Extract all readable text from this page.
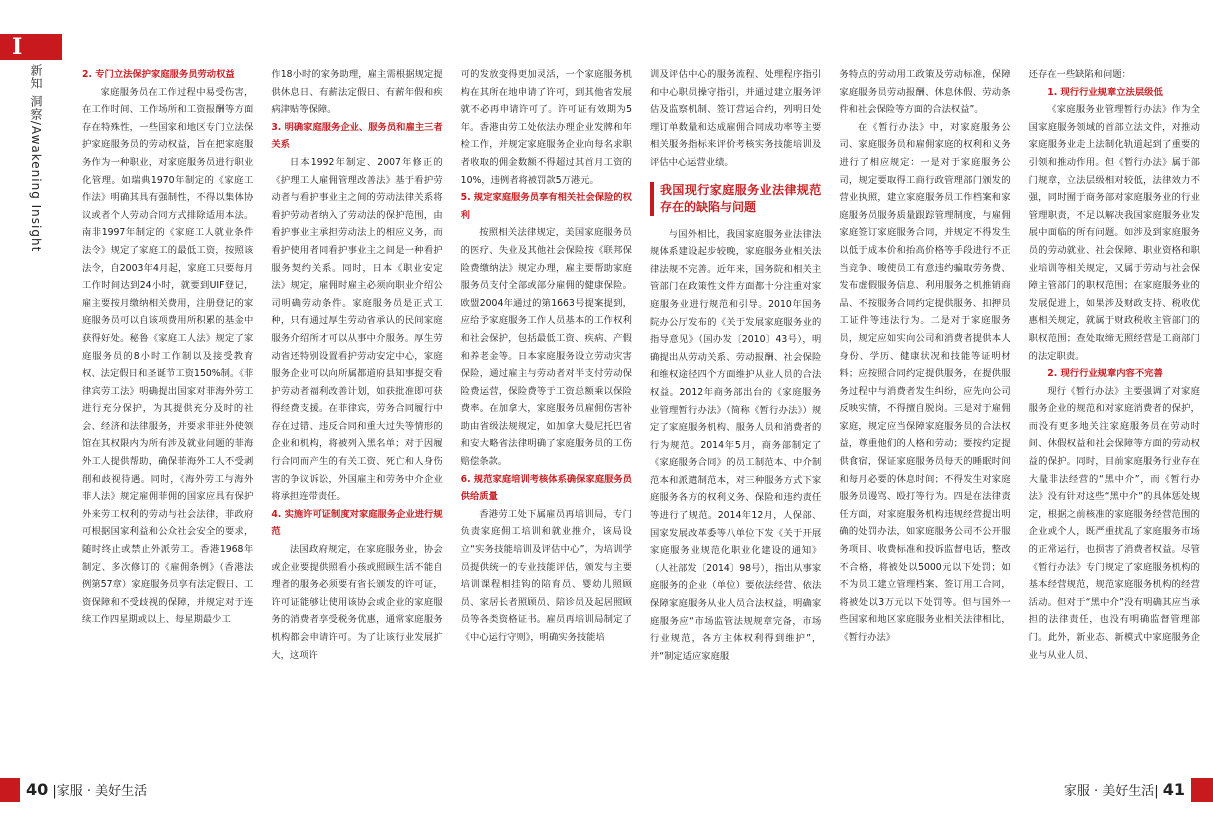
I
新知 洞察/Awakening Insight	2. 专门立法保护家庭服务员劳动权益

家庭服务员在工作过程中易受伤害，在工作时间、工作场所和工资报酬等方面存在特殊性，一些国家和地区专门立法保护家庭服务员的劳动权益，旨在把家庭服务作为一种职业，对家庭服务员进行职业化管理。如瑞典1970年制定的《家庭工作法》明确其具有强制性，不得以集体协议或者个人劳动合同方式排除适用本法。南非1997年制定的《家庭工人就业条件法令》规定了家庭工的最低工资，按照该法令，自2003年4月起，家庭工只要每月工作时间达到24小时，就要到UIF登记，雇主要按月缴纳相关费用，注册登记的家庭服务员可以自该项费用所积累的基金中获得好处。秘鲁《家庭工人法》规定了家庭服务员的8小时工作制以及接受教育权、法定假日和圣诞节工资150%制。《菲律宾劳工法》明确提出国家对菲海外劳工进行充分保护，为其提供充分及时的社会、经济和法律服务，并要求菲驻外使领馆在其权限内为所有涉及就业问题的菲海外工人提供帮助，确保菲海外工人不受剥削和歧视待遇。同时，《海外劳工与海外菲人法》规定雇佣菲佣的国家应具有保护外来劳工权利的劳动与社会法律，菲政府可根据国家利益和公众社会安全的要求，随时终止或禁止外派劳工。香港1968年制定、多次修订的《雇佣条例》（香港法例第57章）家庭服务员享有法定假日、工资保障和不受歧视的保障，并规定对于连续工作四星期或以上、每星期最少工

作18小时的家务助理，雇主需根据规定提供休息日、有薪法定假日、有薪年假和疾病津贴等保障。

3. 明确家庭服务企业、服务员和雇主三者关系

日本1992年制定、2007年修正的《护理工人雇佣管理改善法》基于看护劳动者与看护事业主之间的劳动法律关系将看护劳动者纳入了劳动法的保护范围，由看护事业主承担劳动法上的相应义务，而看护使用者同看护事业主之间是一种看护服务契约关系。同时，日本《职业安定法》规定，雇佣时雇主必须向职业介绍公司明确劳动条件。家庭服务员是正式工种，只有通过厚生劳动省承认的民间家庭服务介绍所才可以从事中介服务。厚生劳动省还特别设置看护劳动安定中心，家庭服务企业可以向所属都道府县知事提交看护劳动者福利改善计划，如获批准即可获得经费支援。在菲律宾，劳务合同履行中存在过错、违反合同和重大过失等情形的企业和机构，将被列入黑名单；对于因履行合同而产生的有关工资、死亡和人身伤害的争议诉讼，外国雇主和劳务中介企业将承担连带责任。

4. 实施许可证制度对家庭服务企业进行规范

法国政府规定，在家庭服务业，协会或企业要提供照看小孩或照顾生活不能自理者的服务必须要有省长颁发的许可证，许可证能够让使用该协会或企业的家庭服务的消费者享受税务优惠，通常家庭服务机构都会申请许可。为了让该行业发展扩大，这项许

可的发放变得更加灵活，一个家庭服务机构在其所在地申请了许可，到其他省发展就不必再申请许可了。许可证有效期为5年。香港由劳工处依法办理企业发牌和年检工作，并规定家庭服务企业向每名求职者收取的佣金数额不得超过其首月工资的10%，违例者将被罚款5万港元。

5. 规定家庭服务员享有相关社会保险的权利

按照相关法律规定，美国家庭服务员的医疗、失业及其他社会保险按《联邦保险费缴纳法》规定办理，雇主要帮助家庭服务员支付全部或部分雇佣的健康保险。欧盟2004年通过的第1663号提案提到，应给予家庭服务工作人员基本的工作权利和社会保护，包括最低工资、疾病、产假和养老金等。日本家庭服务设立劳动灾害保险，通过雇主与劳动者对半支付劳动保险费运营，保险费等于工资总额乘以保险费率。在加拿大，家庭服务员雇佣伤害补助由省级法规规定，如加拿大曼尼托巴省和安大略省法律明确了家庭服务员的工伤赔偿条款。

6. 规范家庭培训考核体系确保家庭服务员供给质量

香港劳工处下属雇员再培训局，专门负责家庭佣工培训和就业推介，该局设立“实务技能培训及评估中心”，为培训学员提供统一的专业技能评估，颁发与主要培训课程相挂钩的陪育员、婴幼儿照顾员、家居长者照顾员、陪诊员及起居照顾员等各类资格证书。雇员再培训局制定了《中心运行守则》，明确实务技能培

训及评估中心的服务流程、处理程序指引和中心职员操守指引，并通过建立服务评估及监察机制、签订营运合约，列明日处理订单数量和达成雇佣合同成功率等主要相关服务指标来评价考核实务技能培训及评估中心运营业绩。

我国现行家庭服务业法律规范存在的缺陷与问题

与国外相比，我国家庭服务业法律法规体系建设起步较晚，家庭服务业相关法律法规不完善。近年来，国务院和相关主管部门在政策性文件方面都十分注重对家庭服务业进行规范和引导。2010年国务院办公厅发布的《关于发展家庭服务业的指导意见》（国办发〔2010〕43号），明确提出从劳动关系、劳动报酬、社会保险和维权途径四个方面维护从业人员的合法权益。2012年商务部出台的《家庭服务业管理暂行办法》（简称《暂行办法》）规定了家庭服务机构、服务人员和消费者的行为规范。2014年5月，商务部制定了《家庭服务合同》的员工制范本、中介制范本和派遣制范本，对三种服务方式下家庭服务各方的权利义务、保险和违约责任等进行了规范。2014年12月，人保部、国家发展改革委等八单位下发《关于开展家庭服务业规范化职业化建设的通知》（人社部发〔2014〕98号），指出从事家庭服务的企业（单位）要依法经营、依法保障家庭服务从业人员合法权益，明确家庭服务应“市场监管法规规章完备，市场行业规范，各方主体权利得到维护”，并“制定适应家庭服

务特点的劳动用工政策及劳动标准，保障家庭服务员劳动报酬、休息休假、劳动条件和社会保险等方面的合法权益”。

在《暂行办法》中，对家庭服务公司、家庭服务员和雇佣家庭的权利和义务进行了相应规定：一是对于家庭服务公司，规定要取得工商行政管理部门颁发的营业执照，建立家庭服务员工作档案和家庭服务员服务质量跟踪管理制度，与雇佣家庭签订家庭服务合同，并规定不得发生以低于成本价和抬高价格等手段进行不正当竞争、唆使员工有意违约骗取劳务费、发布虚假服务信息、利用服务之机推销商品、不按服务合同约定提供服务、扣押员工证件等违法行为。二是对于家庭服务员，规定应如实向公司和消费者提供本人身份、学历、健康状况和技能等证明材料；应按照合同约定提供服务，在提供服务过程中与消费者发生纠纷，应先向公司反映实情，不得擅自脱岗。三是对于雇佣家庭，规定应当保障家庭服务员的合法权益，尊重他们的人格和劳动；要按约定提供食宿，保证家庭服务员每天的睡眠时间和每月必要的休息时间；不得发生对家庭服务员谩骂、殴打等行为。四是在法律责任方面，对家庭服务机构违规经营提出明确的处罚办法，如家庭服务公司不公开服务项目、收费标准和投诉监督电话，整改不合格，将被处以5000元以下处罚；如不为员工建立管理档案、签订用工合同，将被处以3万元以下处罚等。但与国外一些国家和地区家庭服务业相关法律相比，《暂行办法》

还存在一些缺陷和问题：

1. 现行行业规章立法层级低

《家庭服务业管理暂行办法》作为全国家庭服务领域的首部立法文件，对推动家庭服务业走上法制化轨道起到了重要的引领和推动作用。但《暂行办法》属于部门规章，立法层级相对较低，法律效力不强，同时囿于商务部对家庭服务业的行业管理职责，不足以解决我国家庭服务业发展中面临的所有问题。如涉及到家庭服务员的劳动就业、社会保障、职业资格和职业培训等相关规定，又属于劳动与社会保障主管部门的职权范围；在家庭服务业的发展促进上，如果涉及财政支持、税收优惠相关规定，就属于财政税收主管部门的职权范围；查处取缔无照经营是工商部门的法定职责。

2. 现行行业规章内容不完善

现行《暂行办法》主要强调了对家庭服务企业的规范和对家庭消费者的保护，而没有更多地关注家庭服务员在劳动时间、休假权益和社会保障等方面的劳动权益的保护。同时，目前家庭服务行业存在大量非法经营的“黑中介”，而《暂行办法》没有针对这些“黑中介”的具体惩处规定，根据之前核准的家庭服务经营范围的企业或个人，既严重扰乱了家庭服务市场的正常运行，也损害了消费者权益。尽管《暂行办法》专门规定了家庭服务机构的基本经营规范，规范家庭服务机构的经营活动。但对于“黑中介”没有明确其应当承担的法律责任，也没有明确监督管理部门。此外，新业态、新模式中家庭服务企业与从业人员、

40 |家服 · 美好生活	家服 · 美好生活| 41
